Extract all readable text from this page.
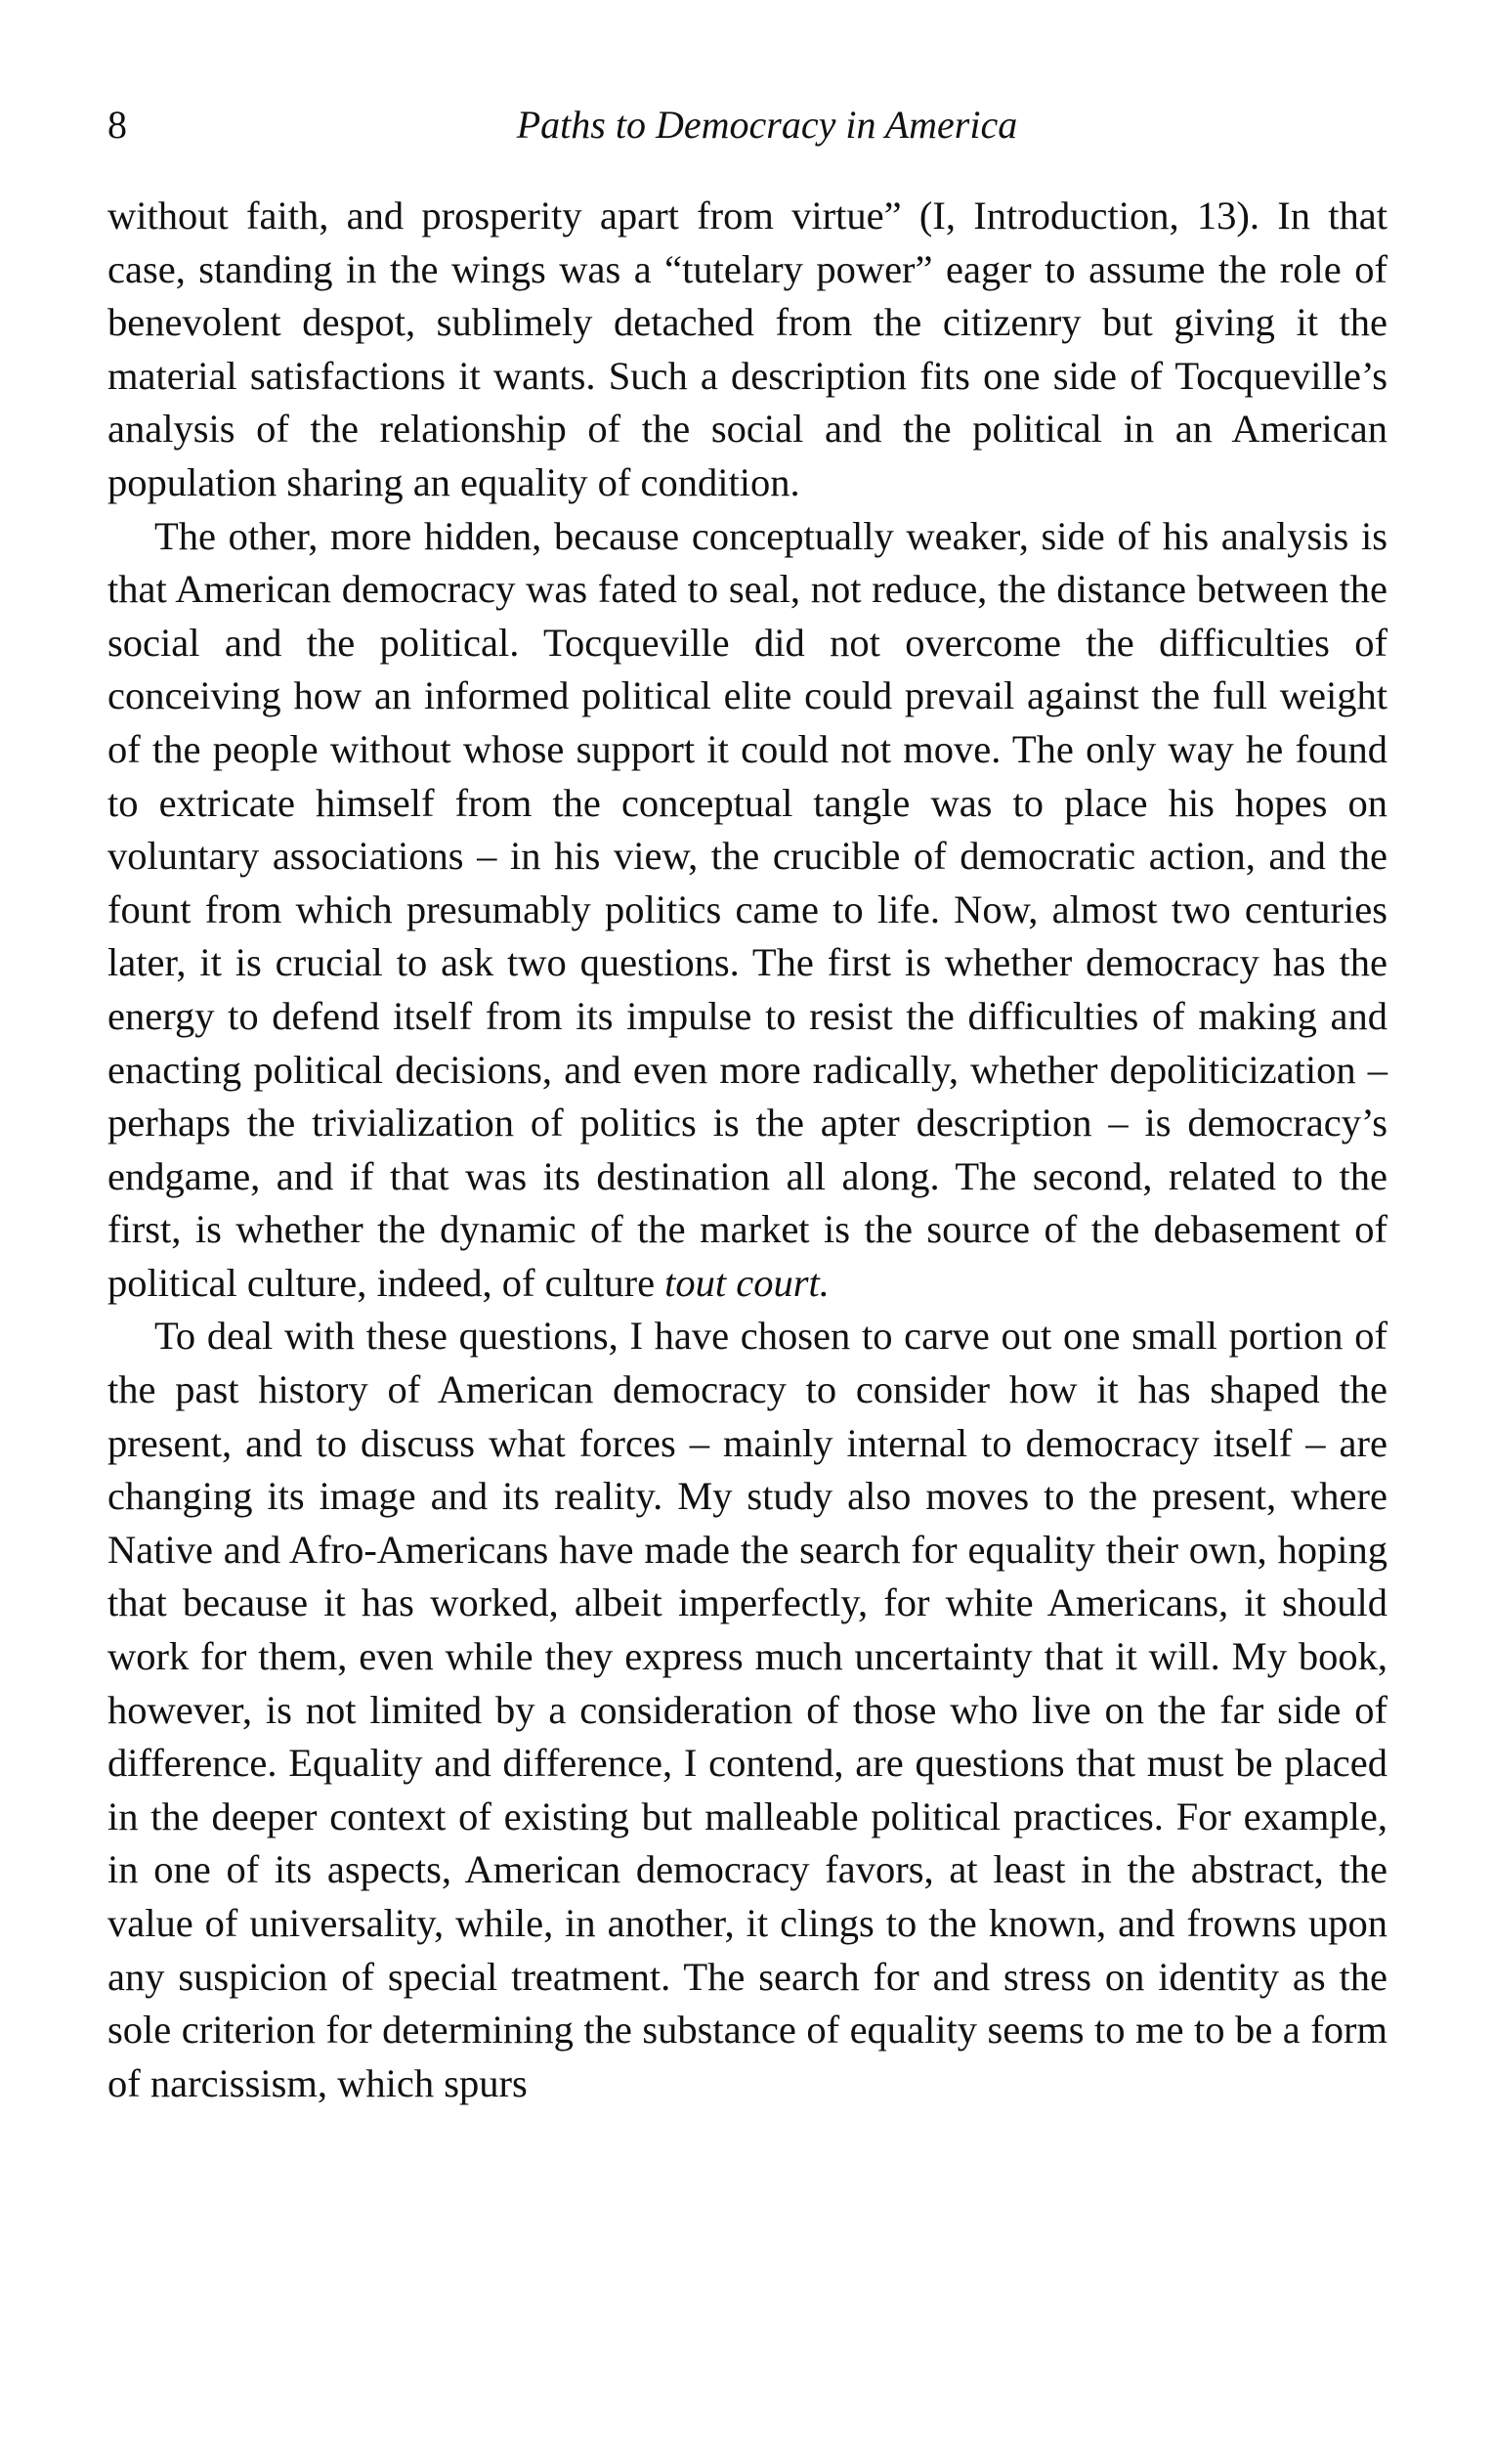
8	Paths to Democracy in America

without faith, and prosperity apart from virtue” (I, Introduction, 13). In that case, standing in the wings was a “tutelary power” eager to assume the role of benevolent despot, sublimely detached from the citizenry but giving it the material satisfactions it wants. Such a description fits one side of Tocqueville’s analysis of the relationship of the social and the political in an American population sharing an equality of condition.

The other, more hidden, because conceptually weaker, side of his analysis is that American democracy was fated to seal, not reduce, the distance between the social and the political. Tocqueville did not overcome the difficulties of conceiving how an informed political elite could prevail against the full weight of the people without whose support it could not move. The only way he found to extricate himself from the conceptual tangle was to place his hopes on voluntary associations – in his view, the crucible of democratic action, and the fount from which presumably politics came to life. Now, almost two centuries later, it is crucial to ask two questions. The first is whether democracy has the energy to defend itself from its impulse to resist the difficulties of making and enacting political decisions, and even more radically, whether depoliticization – perhaps the trivialization of politics is the apter description – is democracy’s endgame, and if that was its destination all along. The second, related to the first, is whether the dynamic of the market is the source of the debasement of political culture, indeed, of culture tout court.

To deal with these questions, I have chosen to carve out one small portion of the past history of American democracy to consider how it has shaped the present, and to discuss what forces – mainly internal to democracy itself – are changing its image and its reality. My study also moves to the present, where Native and Afro-Americans have made the search for equality their own, hoping that because it has worked, albeit imperfectly, for white Americans, it should work for them, even while they express much uncertainty that it will. My book, however, is not limited by a consideration of those who live on the far side of difference. Equality and difference, I contend, are questions that must be placed in the deeper context of existing but malleable political practices. For example, in one of its aspects, American democracy favors, at least in the abstract, the value of universality, while, in another, it clings to the known, and frowns upon any suspicion of special treatment. The search for and stress on identity as the sole criterion for determining the substance of equality seems to me to be a form of narcissism, which spurs
